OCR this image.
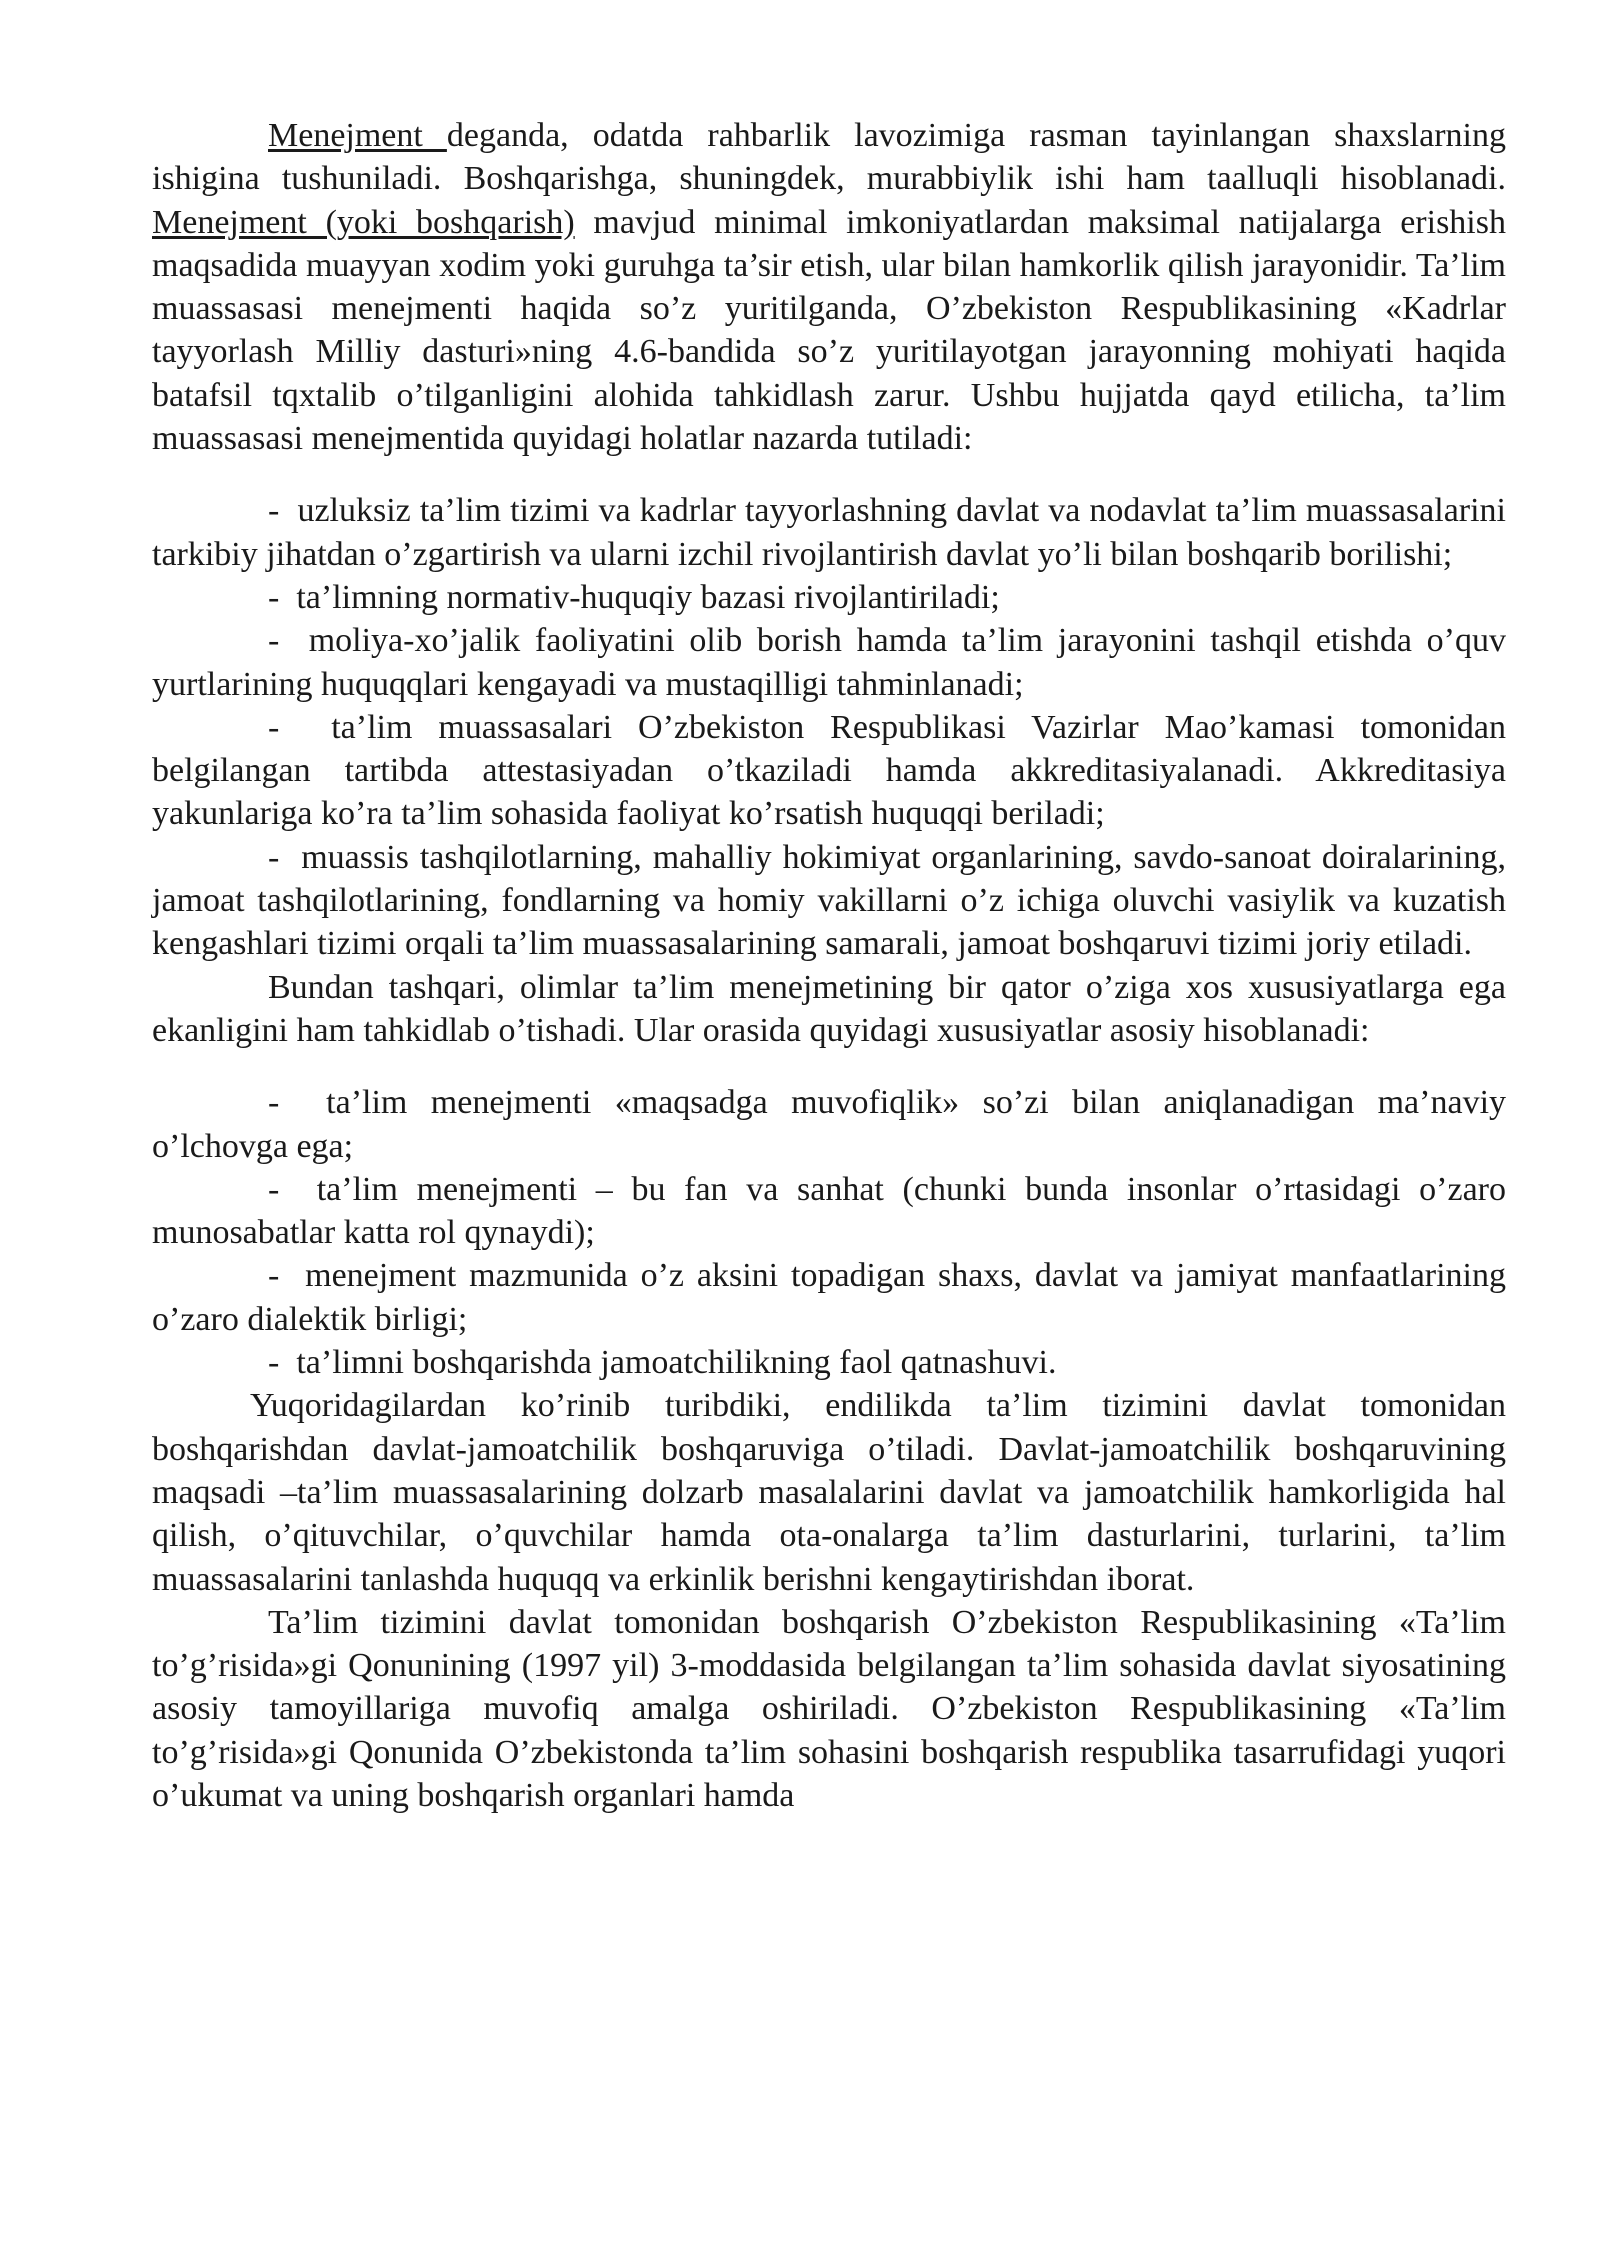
Menejment deganda, odatda rahbarlik lavozimiga rasman tayinlangan shaxslarning ishigina tushuniladi. Boshqarishga, shuningdek, murabbiylik ishi ham taalluqli hisoblanadi. Menejment (yoki boshqarish) mavjud minimal imkoniyatlardan maksimal natijalarga erishish maqsadida muayyan xodim yoki guruhga ta’sir etish, ular bilan hamkorlik qilish jarayonidir. Ta’lim muassasasi menejmenti haqida so’z yuritilganda, O’zbekiston Respublikasining «Kadrlar tayyorlash Milliy dasturi»ning 4.6-bandida so’z yuritilayotgan jarayonning mohiyati haqida batafsil tqxtalib o’tilganligini alohida tahkidlash zarur. Ushbu hujjatda qayd etilicha, ta’lim muassasasi menejmentida quyidagi holatlar nazarda tutiladi:

- uzluksiz ta’lim tizimi va kadrlar tayyorlashning davlat va nodavlat ta’lim muassasalarini tarkibiy jihatdan o’zgartirish va ularni izchil rivojlantirish davlat yo’li bilan boshqarib borilishi;

- ta’limning normativ-huquqiy bazasi rivojlantiriladi;

- moliya-xo’jalik faoliyatini olib borish hamda ta’lim jarayonini tashqil etishda o’quv yurtlarining huquqqlari kengayadi va mustaqilligi tahminlanadi;

- ta’lim muassasalari O’zbekiston Respublikasi Vazirlar Mao’kamasi tomonidan belgilangan tartibda attestasiyadan o’tkaziladi hamda akkreditasiyalanadi. Akkreditasiya yakunlariga ko’ra ta’lim sohasida faoliyat ko’rsatish huquqqi beriladi;

- muassis tashqilotlarning, mahalliy hokimiyat organlarining, savdo-sanoat doiralarining, jamoat tashqilotlarining, fondlarning va homiy vakillarni o’z ichiga oluvchi vasiylik va kuzatish kengashlari tizimi orqali ta’lim muassasalarining samarali, jamoat boshqaruvi tizimi joriy etiladi.

Bundan tashqari, olimlar ta’lim menejmetining bir qator o’ziga xos xususiyatlarga ega ekanligini ham tahkidlab o’tishadi. Ular orasida quyidagi xususiyatlar asosiy hisoblanadi:

- ta’lim menejmenti «maqsadga muvofiqlik» so’zi bilan aniqlanadigan ma’naviy o’lchovga ega;

- ta’lim menejmenti – bu fan va sanhat (chunki bunda insonlar o’rtasidagi o’zaro munosabatlar katta rol qynaydi);

- menejment mazmunida o’z aksini topadigan shaxs, davlat va jamiyat manfaatlarining o’zaro dialektik birligi;

- ta’limni boshqarishda jamoatchilikning faol qatnashuvi.

Yuqoridagilardan ko’rinib turibdiki, endilikda ta’lim tizimini davlat tomonidan boshqarishdan davlat-jamoatchilik boshqaruviga o’tiladi. Davlat-jamoatchilik boshqaruvining maqsadi –ta’lim muassasalarining dolzarb masalalarini davlat va jamoatchilik hamkorligida hal qilish, o’qituvchilar, o’quvchilar hamda ota-onalarga ta’lim dasturlarini, turlarini, ta’lim muassasalarini tanlashda huquqq va erkinlik berishni kengaytirishdan iborat.

Ta’lim tizimini davlat tomonidan boshqarish O’zbekiston Respublikasining «Ta’lim to’g’risida»gi Qonunining (1997 yil) 3-moddasida belgilangan ta’lim sohasida davlat siyosatining asosiy tamoyillariga muvofiq amalga oshiriladi. O’zbekiston Respublikasining «Ta’lim to’g’risida»gi Qonunida O’zbekistonda ta’lim sohasini boshqarish respublika tasarrufidagi yuqori o’ukumat va uning boshqarish organlari hamda
